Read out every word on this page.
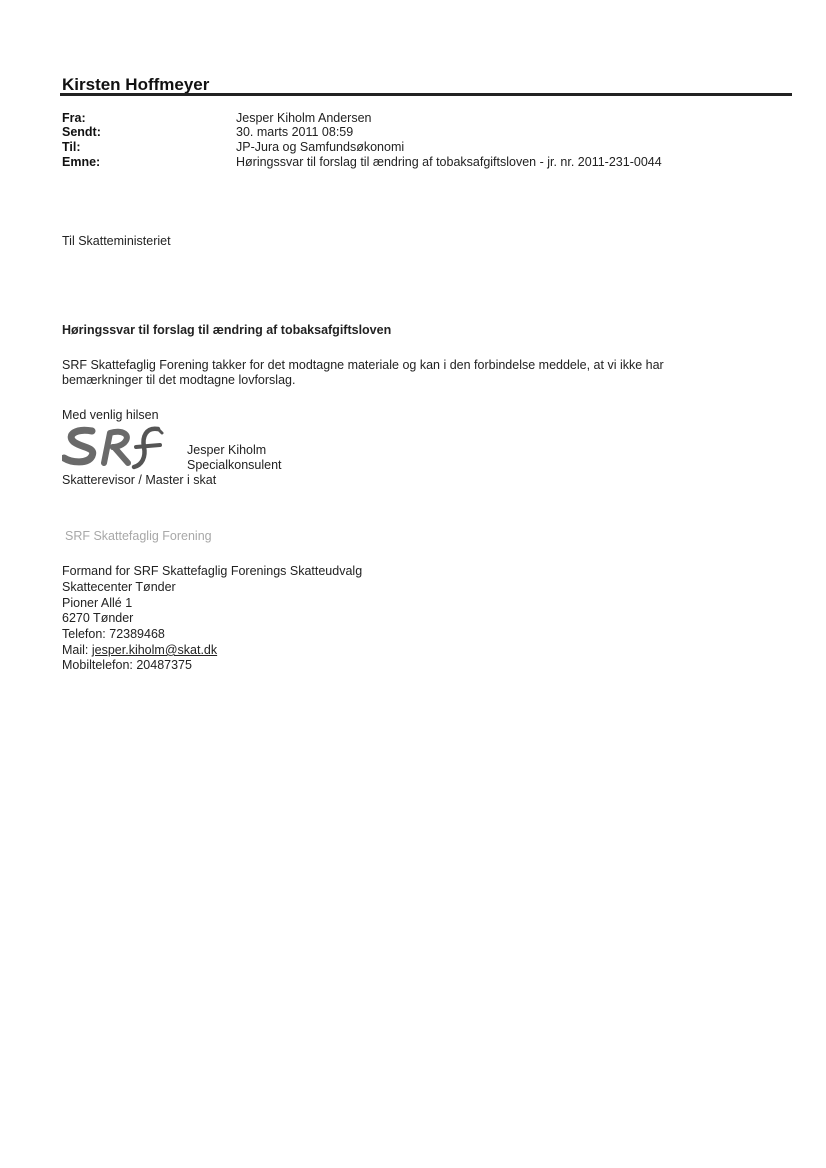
Kirsten Hoffmeyer
Fra:	Jesper Kiholm Andersen
Sendt:	30. marts 2011 08:59
Til:	JP-Jura og Samfundsøkonomi
Emne:	Høringssvar til forslag til ændring af tobaksafgiftsloven - jr. nr. 2011-231-0044
Til Skatteministeriet
Høringssvar til forslag til ændring af tobaksafgiftsloven
SRF Skattefaglig Forening takker for det modtagne materiale og kan i den forbindelse meddele, at vi ikke har
bemærkninger til det modtagne lovforslag.
Med venlig hilsen
Jesper Kiholm
Specialkonsulent
Skatterevisor / Master i skat
SRF Skattefaglig Forening
Formand for SRF Skattefaglig Forenings Skatteudvalg
Skattecenter Tønder
Pioner Allé 1
6270 Tønder
Telefon: 72389468
Mail: jesper.kiholm@skat.dk
Mobiltelefon: 20487375
